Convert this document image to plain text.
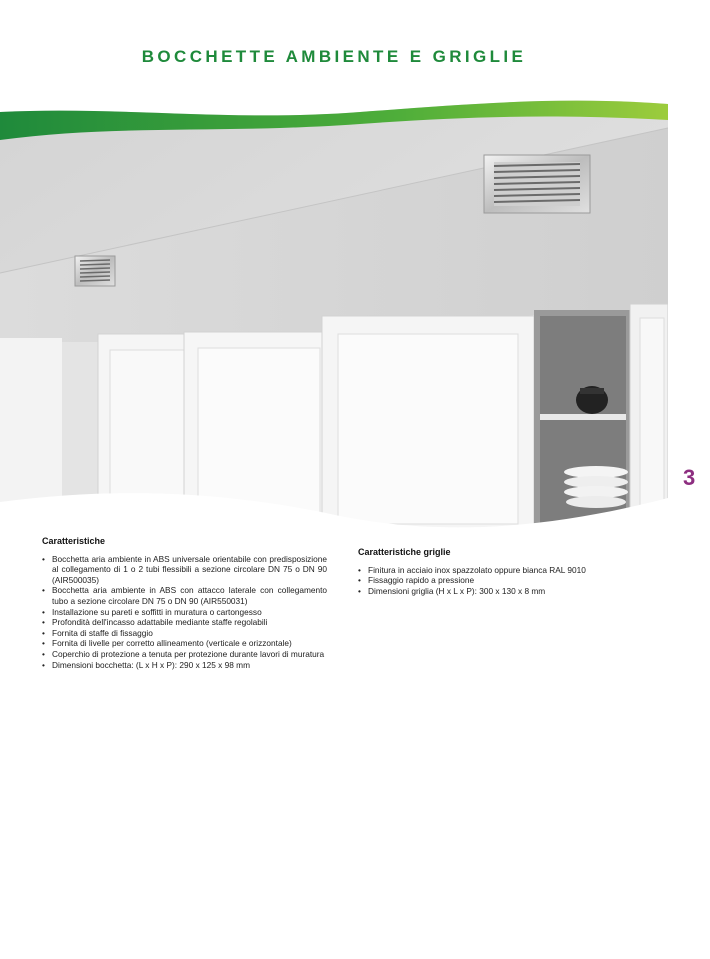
BOCCHETTE AMBIENTE E GRIGLIE
3
Caratteristiche
• Bocchetta aria ambiente in ABS universale orientabile con predisposizione al collegamento di 1 o 2 tubi flessibili a sezione circolare DN 75 o DN 90 (AIR500035)
• Bocchetta aria ambiente in ABS con attacco laterale con collegamento tubo a sezione circolare DN 75 o DN 90 (AIR550031)
• Installazione su pareti e soffitti in muratura o cartongesso
• Profondità dell'incasso adattabile mediante staffe regolabili
• Fornita di staffe di fissaggio
• Fornita di livelle per corretto allineamento (verticale e orizzontale)
• Coperchio di protezione a tenuta per protezione durante lavori di muratura
• Dimensioni bocchetta: (L x H x P): 290 x 125 x 98 mm
Caratteristiche griglie
• Finitura in acciaio inox spazzolato oppure bianca RAL 9010
• Fissaggio rapido a pressione
• Dimensioni griglia (H x L x P): 300 x 130 x 8 mm
